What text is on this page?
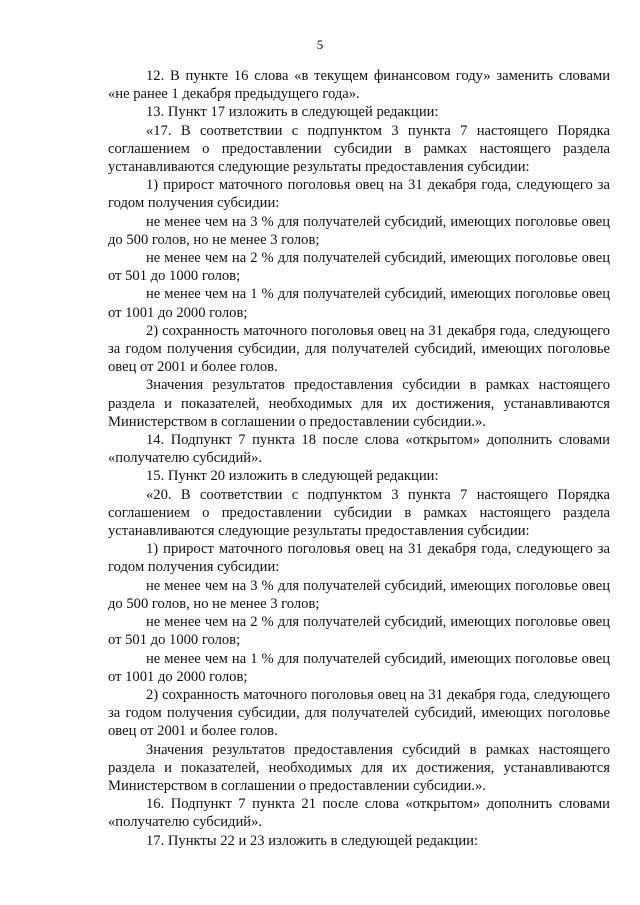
5

12. В пункте 16 слова «в текущем финансовом году» заменить словами «не ранее 1 декабря предыдущего года».

13. Пункт 17 изложить в следующей редакции:

«17. В соответствии с подпунктом 3 пункта 7 настоящего Порядка соглашением о предоставлении субсидии в рамках настоящего раздела устанавливаются следующие результаты предоставления субсидии:

1) прирост маточного поголовья овец на 31 декабря года, следующего за годом получения субсидии:

не менее чем на 3 % для получателей субсидий, имеющих поголовье овец до 500 голов, но не менее 3 голов;

не менее чем на 2 % для получателей субсидий, имеющих поголовье овец от 501 до 1000 голов;

не менее чем на 1 % для получателей субсидий, имеющих поголовье овец от 1001 до 2000 голов;

2) сохранность маточного поголовья овец на 31 декабря года, следующего за годом получения субсидии, для получателей субсидий, имеющих поголовье овец от 2001 и более голов.

Значения результатов предоставления субсидии в рамках настоящего раздела и показателей, необходимых для их достижения, устанавливаются Министерством в соглашении о предоставлении субсидии.».

14. Подпункт 7 пункта 18 после слова «открытом» дополнить словами «получателю субсидий».

15. Пункт 20 изложить в следующей редакции:

«20. В соответствии с подпунктом 3 пункта 7 настоящего Порядка соглашением о предоставлении субсидии в рамках настоящего раздела устанавливаются следующие результаты предоставления субсидии:

1) прирост маточного поголовья овец на 31 декабря года, следующего за годом получения субсидии:

не менее чем на 3 % для получателей субсидий, имеющих поголовье овец до 500 голов, но не менее 3 голов;

не менее чем на 2 % для получателей субсидий, имеющих поголовье овец от 501 до 1000 голов;

не менее чем на 1 % для получателей субсидий, имеющих поголовье овец от 1001 до 2000 голов;

2) сохранность маточного поголовья овец на 31 декабря года, следующего за годом получения субсидии, для получателей субсидий, имеющих поголовье овец от 2001 и более голов.

Значения результатов предоставления субсидий в рамках настоящего раздела и показателей, необходимых для их достижения, устанавливаются Министерством в соглашении о предоставлении субсидии.».

16. Подпункт 7 пункта 21 после слова «открытом» дополнить словами «получателю субсидий».

17. Пункты 22 и 23 изложить в следующей редакции:
